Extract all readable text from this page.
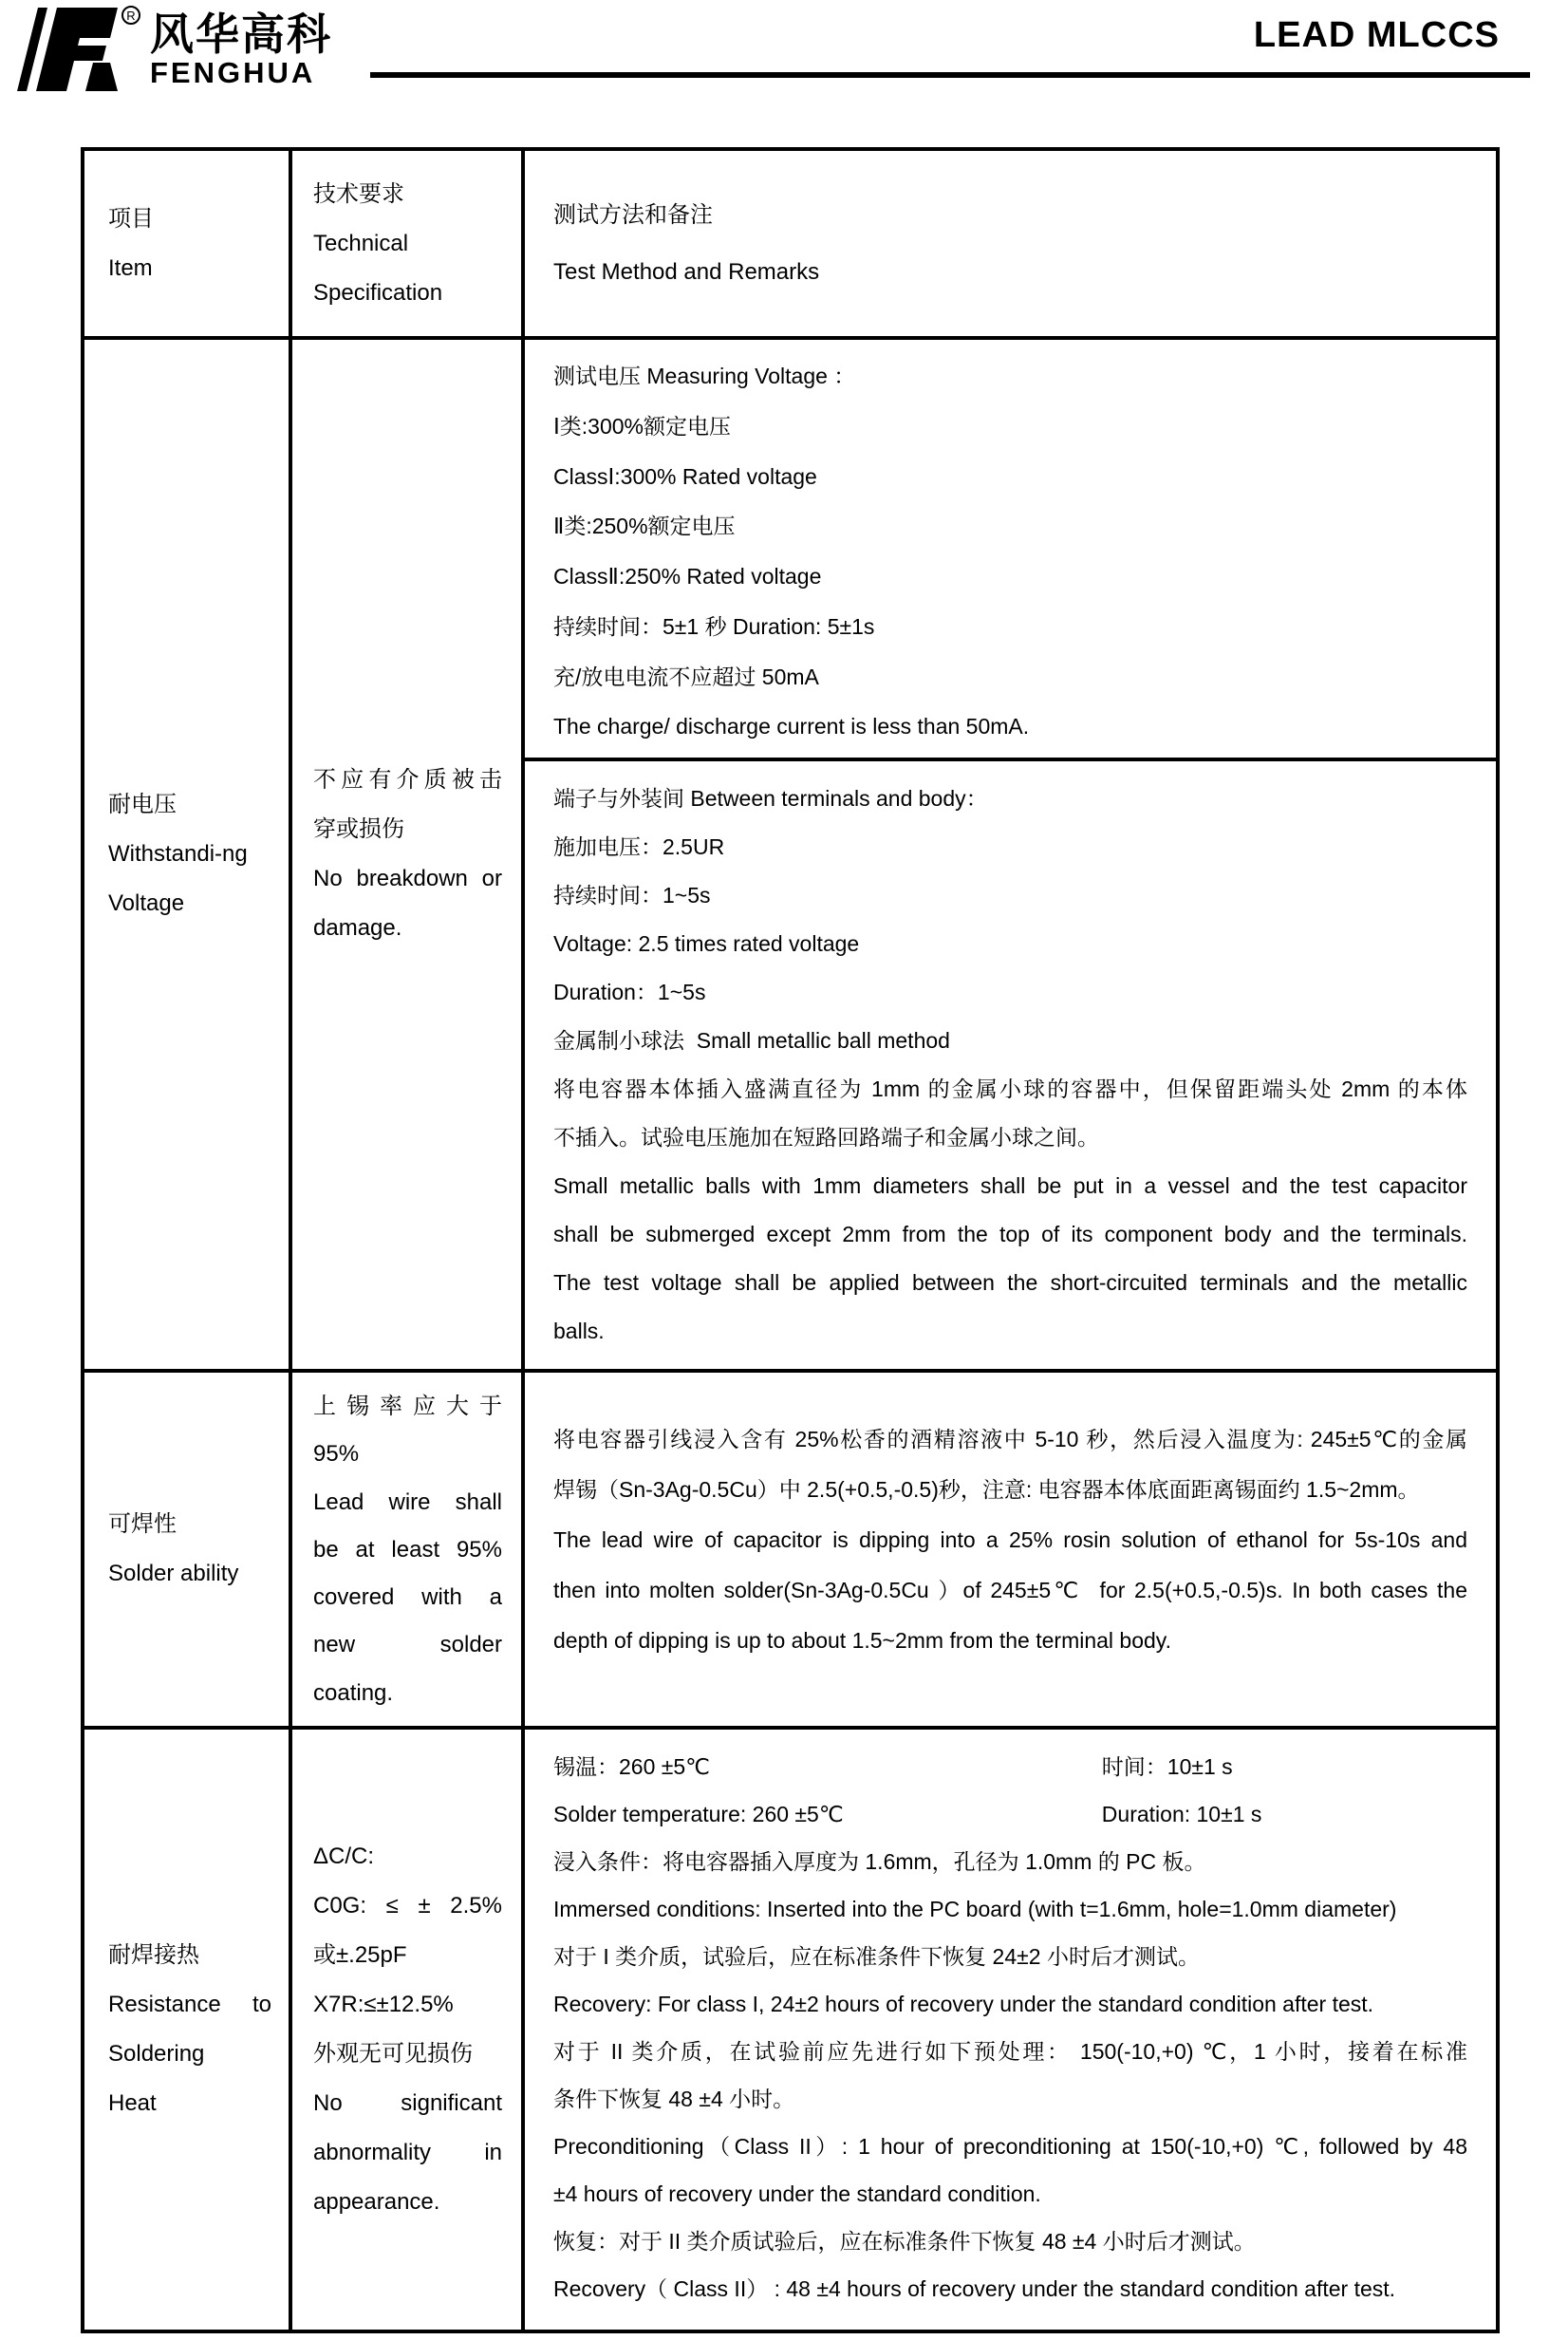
R 风华高科
FENGHUA
LEAD MLCCS
项目
Item
技术要求
Technical
Specification
测试方法和备注
Test Method and Remarks
耐电压
Withstandi-ng
Voltage
不应有介质被击
穿或损伤
No breakdown or
damage.
测试电压 Measuring Voltage ：
Ⅰ类:300%额定电压
ClassⅠ:300% Rated voltage
Ⅱ类:250%额定电压
ClassⅡ:250% Rated voltage
持续时间：5±1 秒 Duration: 5±1s
充/放电电流不应超过 50mA
The charge/ discharge current is less than 50mA.
端子与外装间 Between terminals and body：
施加电压：2.5UR
持续时间：1~5s
Voltage: 2.5 times rated voltage
Duration：1~5s
金属制小球法  Small metallic ball method
将电容器本体插入盛满直径为 1mm 的金属小球的容器中，但保留距端头处 2mm 的本体
不插入。试验电压施加在短路回路端子和金属小球之间。
Small metallic balls with 1mm diameters shall be put in a vessel and the test capacitor
shall be submerged except 2mm from the top of its component body and the terminals.
The test voltage shall be applied between the short-circuited terminals and the metallic
balls.
可焊性
Solder ability
上锡率应大于
95%
Lead wire shall
be at least 95%
covered with a
new solder
coating.
将电容器引线浸入含有 25%松香的酒精溶液中 5-10 秒，然后浸入温度为: 245±5℃的金属
焊锡（Sn-3Ag-0.5Cu）中 2.5(+0.5,-0.5)秒，注意: 电容器本体底面距离锡面约 1.5~2mm。
The lead wire of capacitor is dipping into a 25% rosin solution of ethanol for 5s-10s and
then into molten solder(Sn-3Ag-0.5Cu ）of 245±5℃  for 2.5(+0.5,-0.5)s. In both cases the
depth of dipping is up to about 1.5~2mm from the terminal body.
耐焊接热
Resistance to
Soldering
Heat
ΔC/C:
C0G: ≤ ± 2.5%
或±.25pF
X7R:≤±12.5%
外观无可见损伤
No significant
abnormality in
appearance.
锡温：260 ±5℃	时间：10±1 s
Solder temperature: 260 ±5℃	Duration: 10±1 s
浸入条件：将电容器插入厚度为 1.6mm，孔径为 1.0mm 的 PC 板。
Immersed conditions: Inserted into the PC board (with t=1.6mm, hole=1.0mm diameter)
对于 I 类介质，试验后，应在标准条件下恢复 24±2 小时后才测试。
Recovery: For class I, 24±2 hours of recovery under the standard condition after test.
对于 II 类介质，在试验前应先进行如下预处理： 150(-10,+0) ℃，1 小时，接着在标准
条件下恢复 48 ±4 小时。
Preconditioning（Class II）: 1 hour of preconditioning at 150(-10,+0) ℃, followed by 48
±4 hours of recovery under the standard condition.
恢复：对于 II 类介质试验后，应在标准条件下恢复 48 ±4 小时后才测试。
Recovery（ Class II） : 48 ±4 hours of recovery under the standard condition after test.
